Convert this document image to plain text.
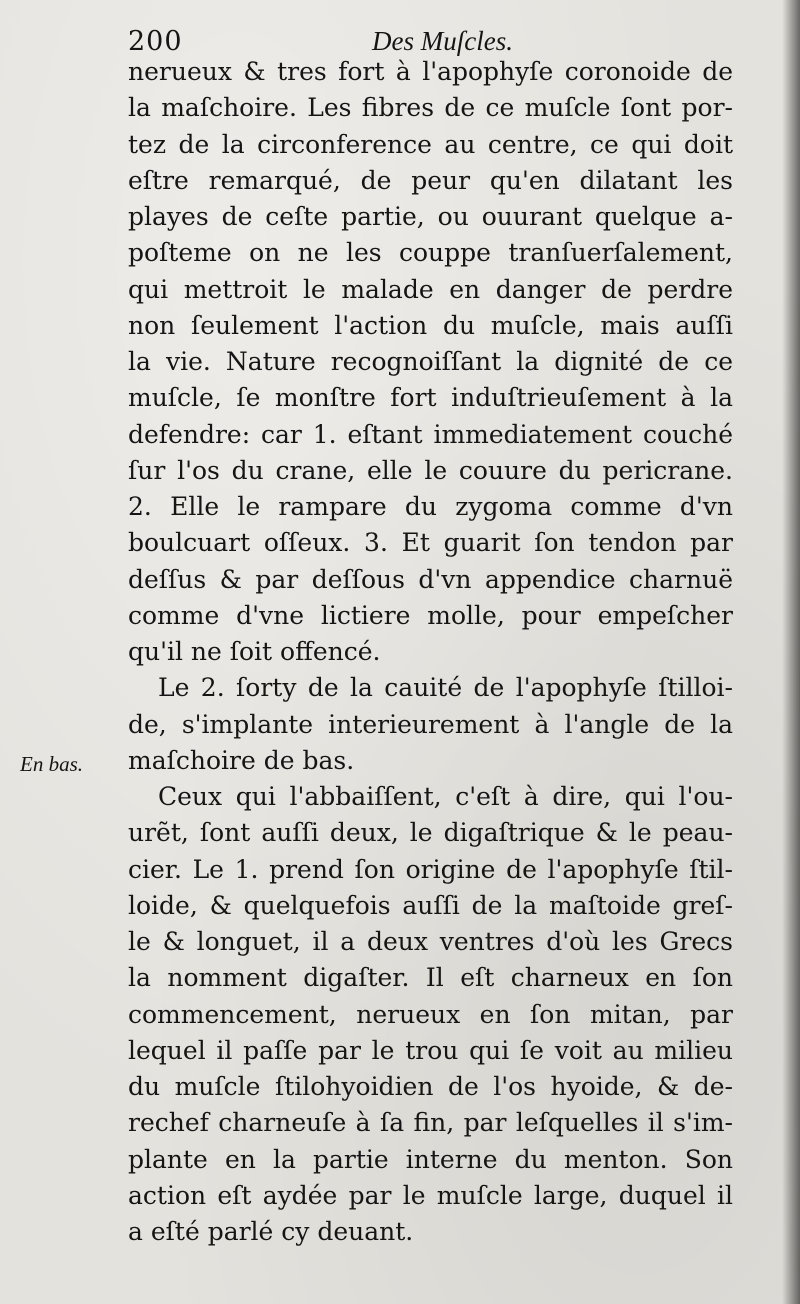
200	Des Muſcles.
En bas.
nerueux & tres fort à l'apophyſe coronoide de
la maſchoire. Les fibres de ce muſcle ſont por-
tez de la circonference au centre, ce qui doit
eſtre remarqué, de peur qu'en dilatant les
playes de ceſte partie, ou ouurant quelque a-
poſteme on ne les couppe tranſuerſalement,
qui mettroit le malade en danger de perdre
non ſeulement l'action du muſcle, mais auſſi
la vie. Nature recognoiſſant la dignité de ce
muſcle, ſe monſtre fort induſtrieuſement à la
defendre: car 1. eſtant immediatement couché
ſur l'os du crane, elle le couure du pericrane.
2. Elle le rampare du zygoma comme d'vn
boulcuart oſſeux. 3. Et guarit ſon tendon par
deſſus & par deſſous d'vn appendice charnuë
comme d'vne lictiere molle, pour empeſcher
qu'il ne ſoit offencé.
Le 2. ſorty de la cauité de l'apophyſe ſtilloi-
de, s'implante interieurement à l'angle de la
maſchoire de bas.
Ceux qui l'abbaiſſent, c'eſt à dire, qui l'ou-
urẽt, ſont auſſi deux, le digaſtrique & le peau-
cier. Le 1. prend ſon origine de l'apophyſe ſtil-
loide, & quelquefois auſſi de la maſtoide greſ-
le & longuet, il a deux ventres d'où les Grecs
la nomment digaſter. Il eſt charneux en ſon
commencement, nerueux en ſon mitan, par
lequel il paſſe par le trou qui ſe voit au milieu
du muſcle ſtilohyoidien de l'os hyoide, & de-
rechef charneuſe à ſa fin, par leſquelles il s'im-
plante en la partie interne du menton. Son
action eſt aydée par le muſcle large, duquel il
a eſté parlé cy deuant.
